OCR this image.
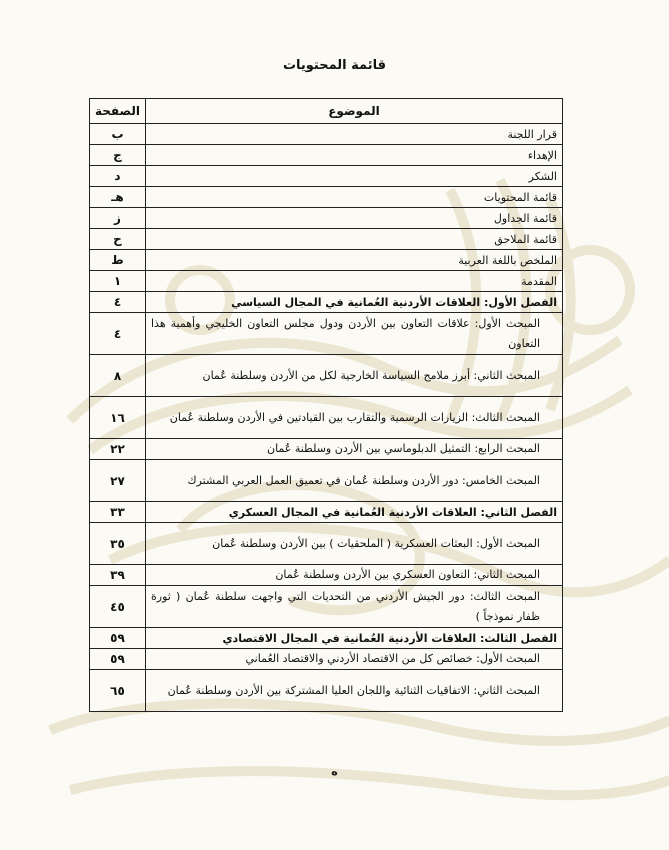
قائمة المحتويات
الموضوع	الصفحة
قرار اللجنة	ب
الإهداء	ج
الشكر	د
قائمة المحتويات	هـ
قائمة الجداول	ز
قائمة الملاحق	ح
الملخص باللغة العربية	ط
المقدمة	١
الفصل الأول: العلاقات الأردنية العُمانية في المجال السياسي	٤
المبحث الأول: علاقات التعاون بين الأردن ودول مجلس التعاون الخليجي وأهمية هذا التعاون	٤
المبحث الثاني: أبرز ملامح السياسة الخارجية لكل من الأردن وسلطنة عُمان	٨
المبحث الثالث: الزيارات الرسمية والتقارب بين القيادتين في الأردن وسلطنة عُمان	١٦
المبحث الرابع: التمثيل الدبلوماسي بين الأردن وسلطنة عُمان	٢٢
المبحث الخامس: دور الأردن وسلطنة عُمان في تعميق العمل العربي المشترك	٢٧
الفصل الثاني: العلاقات الأردنية العُمانية في المجال العسكري	٣٣
المبحث الأول: البعثات العسكرية ( الملحقيات ) بين الأردن وسلطنة عُمان	٣٥
المبحث الثاني: التعاون العسكري بين الأردن وسلطنة عُمان	٣٩
المبحث الثالث: دور الجيش الأردني من التحديات التي واجهت سلطنة عُمان ( ثورة ظفار نموذجاً )	٤٥
الفصل الثالث: العلاقات الأردنية العُمانية في المجال الاقتصادي	٥٩
المبحث الأول: خصائص كل من الاقتصاد الأردني والاقتصاد العُماني	٥٩
المبحث الثاني: الاتفاقيات الثنائية واللجان العليا المشتركة بين الأردن وسلطنة عُمان	٦٥
ه
